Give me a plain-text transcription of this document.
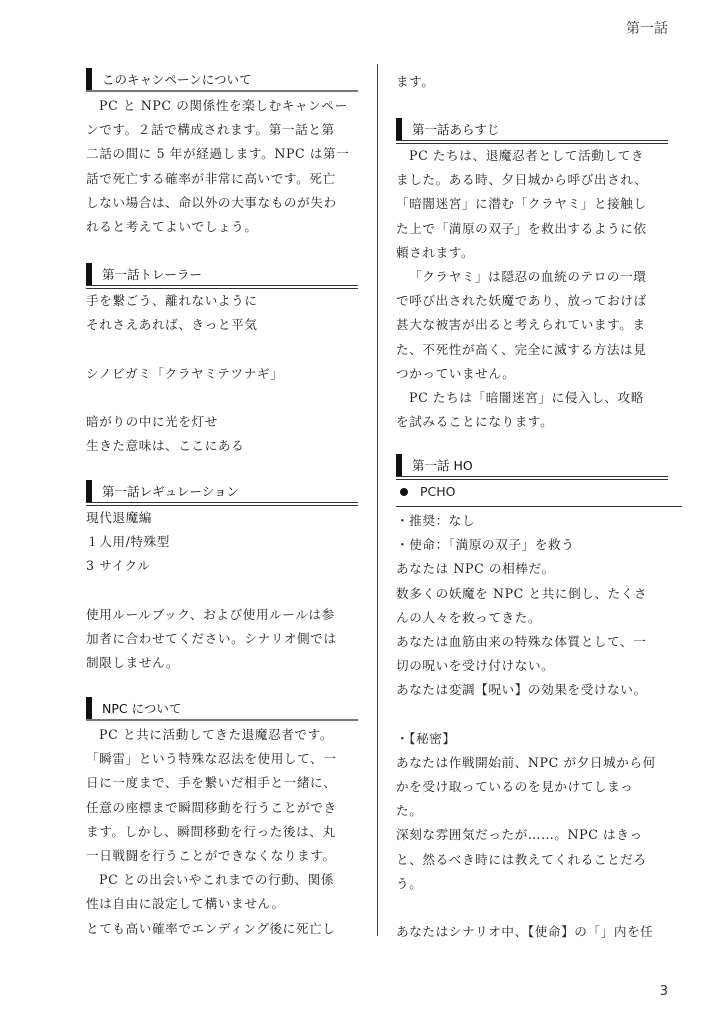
第一話
このキャンペーンについて
PC と NPC の関係性を楽しむキャンペー
ンです。２話で構成されます。第一話と第
二話の間に 5 年が経過します。NPC は第一
話で死亡する確率が非常に高いです。死亡
しない場合は、命以外の大事なものが失わ
れると考えてよいでしょう。
第一話トレーラー
手を繋ごう、離れないように
それさえあれば、きっと平気
シノビガミ「クラヤミテツナギ」
暗がりの中に光を灯せ
生きた意味は、ここにある
第一話レギュレーション
現代退魔編
１人用/特殊型
3 サイクル
使用ルールブック、および使用ルールは参
加者に合わせてください。シナリオ側では
制限しません。
NPC について
PC と共に活動してきた退魔忍者です。
「瞬雷」という特殊な忍法を使用して、一
日に一度まで、手を繋いだ相手と一緒に、
任意の座標まで瞬間移動を行うことができ
ます。しかし、瞬間移動を行った後は、丸
一日戦闘を行うことができなくなります。
PC との出会いやこれまでの行動、関係
性は自由に設定して構いません。
とても高い確率でエンディング後に死亡し
ます。
第一話あらすじ
PC たちは、退魔忍者として活動してき
ました。ある時、夕日城から呼び出され、
「暗闇迷宮」に潜む「クラヤミ」と接触し
た上で「満原の双子」を救出するように依
頼されます。
「クラヤミ」は隠忍の血統のテロの一環
で呼び出された妖魔であり、放っておけば
甚大な被害が出ると考えられています。ま
た、不死性が高く、完全に滅する方法は見
つかっていません。
PC たちは「暗闇迷宮」に侵入し、攻略
を試みることになります。
第一話 HO
PCHO
・推奨：なし
・使命：「満原の双子」を救う
あなたは NPC の相棒だ。
数多くの妖魔を NPC と共に倒し、たくさ
んの人々を救ってきた。
あなたは血筋由来の特殊な体質として、一
切の呪いを受け付けない。
あなたは変調【呪い】の効果を受けない。
・【秘密】
あなたは作戦開始前、NPC が夕日城から何
かを受け取っているのを見かけてしまっ
た。
深刻な雰囲気だったが……。NPC はきっ
と、然るべき時には教えてくれることだろ
う。
あなたはシナリオ中、【使命】の「」内を任
3
